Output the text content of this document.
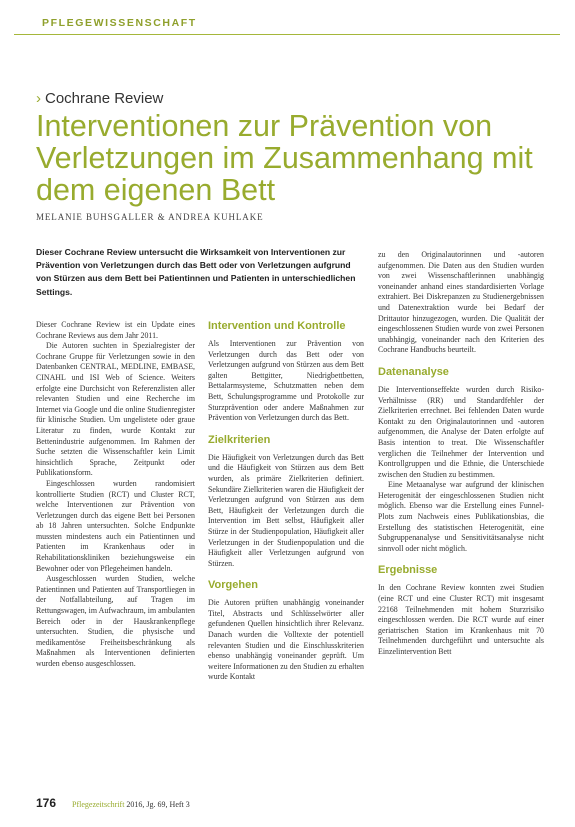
PFLEGEWISSENSCHAFT
› Cochrane Review
Interventionen zur Prävention von Verletzungen im Zusammenhang mit dem eigenen Bett
MELANIE BUHSGALLER & ANDREA KUHLAKE

Dieser Cochrane Review untersucht die Wirksamkeit von Interventionen zur Prävention von Verletzungen durch das Bett oder von Verletzungen aufgrund von Stürzen aus dem Bett bei Patientinnen und Patienten in unterschiedlichen Settings.

Dieser Cochrane Review ist ein Update eines Cochrane Reviews aus dem Jahr 2011.

Die Autoren suchten in Spezialregister der Cochrane Gruppe für Verletzungen sowie in den Datenbanken CENTRAL, MEDLINE, EMBASE, CINAHL und ISI Web of Science. Weiters erfolgte eine Durchsicht von Referenzlisten aller relevanten Studien und eine Recherche im Internet via Google und die online Studienregister für klinische Studien. Um ungelistete oder graue Literatur zu finden, wurde Kontakt zur Bettenindustrie aufgenommen. Im Rahmen der Suche setzten die Wissenschaftler kein Limit hinsichtlich Sprache, Zeitpunkt oder Publikationsform.

Eingeschlossen wurden randomisiert kontrollierte Studien (RCT) und Cluster RCT, welche Interventionen zur Prävention von Verletzungen durch das eigene Bett bei Personen ab 18 Jahren untersuchten. Solche Endpunkte mussten mindestens auch ein Patientinnen und Patienten im Krankenhaus oder in Rehabilitationskliniken beziehungsweise ein Bewohner oder von Pflegeheimen handeln.

Ausgeschlossen wurden Studien, welche Patientinnen und Patienten auf Transportliegen in der Notfallabteilung, auf Tragen im Rettungswagen, im Aufwachraum, im ambulanten Bereich oder in der Hauskrankenpflege untersuchten. Studien, die physische und medikamentöse Freiheitsbeschränkung als Maßnahmen als Interventionen definierten wurden ebenso ausgeschlossen.

Intervention und Kontrolle

Als Interventionen zur Prävention von Verletzungen durch das Bett oder von Verletzungen aufgrund von Stürzen aus dem Bett galten Bettgitter, Niedrigbettbetten, Bettalarmsysteme, Schutzmatten neben dem Bett, Schulungsprogramme und Protokolle zur Sturzprävention oder andere Maßnahmen zur Prävention von Verletzungen durch das Bett.

Zielkriterien

Die Häufigkeit von Verletzungen durch das Bett und die Häufigkeit von Stürzen aus dem Bett wurden, als primäre Zielkriterien definiert. Sekundäre Zielkriterien waren die Häufigkeit der Verletzungen aufgrund von Stürzen aus dem Bett, Häufigkeit der Verletzungen durch die Intervention im Bett selbst, Häufigkeit aller Stürze in der Studienpopulation, Häufigkeit aller Verletzungen in der Studienpopulation und die Häufigkeit aller Verletzungen aufgrund von Stürzen.

Vorgehen

Die Autoren prüften unabhängig voneinander Titel, Abstracts und Schlüsselwörter aller gefundenen Quellen hinsichtlich ihrer Relevanz. Danach wurden die Volltexte der potentiell relevanten Studien und die Einschlusskriterien ebenso unabhängig voneinander geprüft. Um weitere Informationen zu den Studien zu erhalten wurde Kontakt

zu den Originalautorinnen und -autoren aufgenommen. Die Daten aus den Studien wurden von zwei Wissenschaftlerinnen unabhängig voneinander anhand eines standardisierten Vorlage extrahiert. Bei Diskrepanzen zu Studienergebnissen und Datenextraktion wurde bei Bedarf der Drittautor hinzugezogen, wurden. Die Qualität der eingeschlossenen Studien wurde von zwei Personen unabhängig, voneinander nach den Kriterien des Cochrane Handbuchs beurteilt.

Datenanalyse

Die Interventionseffekte wurden durch Risiko-Verhältnisse (RR) und Standardfehler der Zielkriterien errechnet. Bei fehlenden Daten wurde Kontakt zu den Originalautorinnen und -autoren aufgenommen, die Analyse der Daten erfolgte auf Basis intention to treat. Die Wissenschaftler verglichen die Teilnehmer der Intervention und Kontrollgruppen und die Ethnie, die Unterschiede zwischen den Studien zu bestimmen.

Eine Metaanalyse war aufgrund der klinischen Heterogenität der eingeschlossenen Studien nicht möglich. Ebenso war die Erstellung eines Funnel-Plots zum Nachweis eines Publikationsbias, die Erstellung des statistischen Heterogenität, eine Subgruppenanalyse und Sensitivitätsanalyse nicht sinnvoll oder nicht möglich.

Ergebnisse

In den Cochrane Review konnten zwei Studien (eine RCT und eine Cluster RCT) mit insgesamt 22168 Teilnehmenden mit hohem Sturzrisiko eingeschlossen werden. Die RCT wurde auf einer geriatrischen Station im Krankenhaus mit 70 Teilnehmenden durchgeführt und untersuchte als Einzelintervention Bett

176 Pflegezeitschrift 2016, Jg. 69, Heft 3
